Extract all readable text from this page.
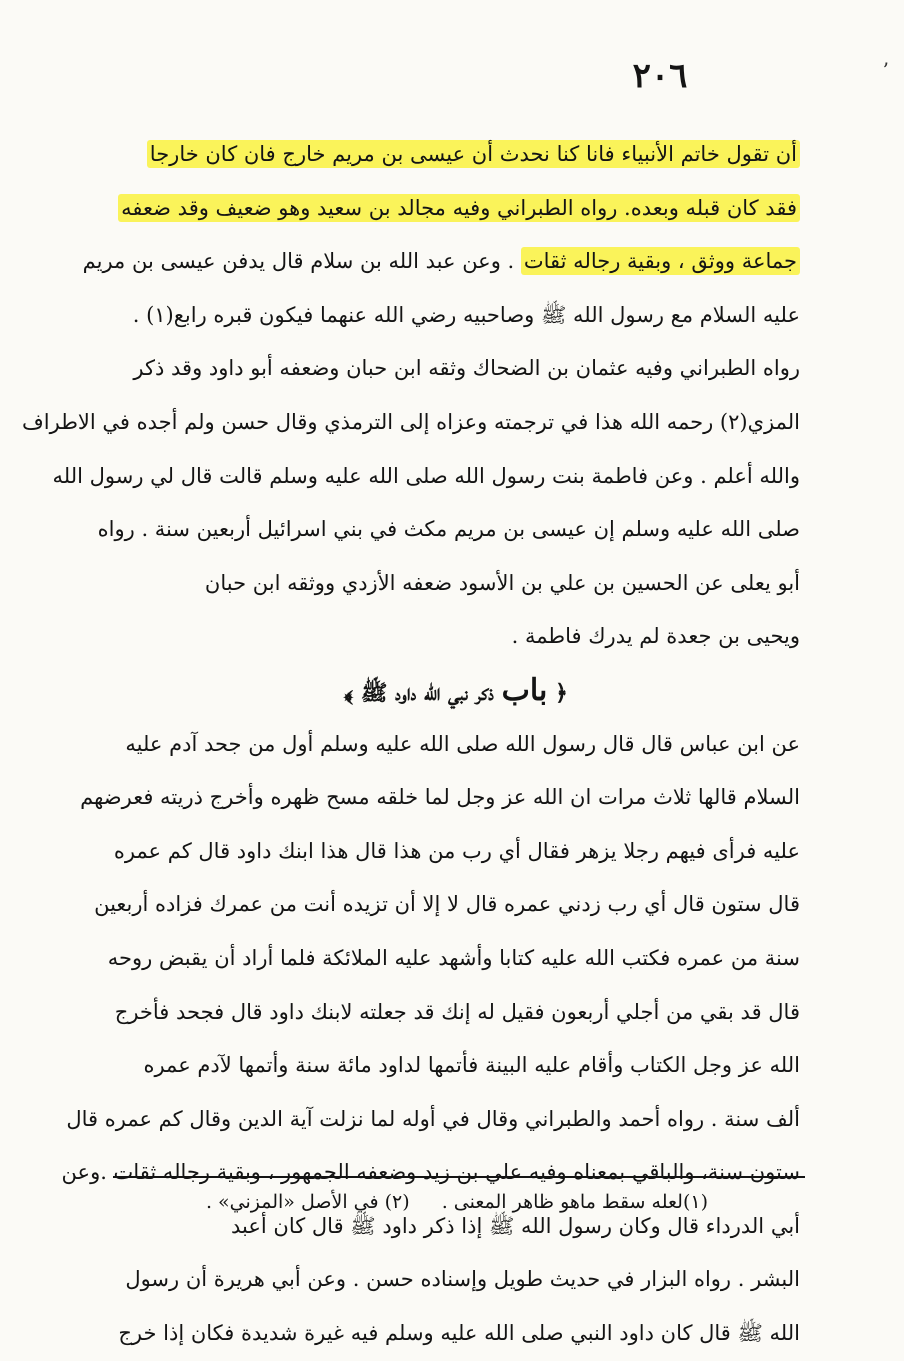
٢٠٦	ʼ
أن تقول خاتم الأنبياء فانا كنا نحدث أن عيسى بن مريم خارج فان كان خارجا
فقد كان قبله وبعده. رواه الطبراني وفيه مجالد بن سعيد وهو ضعيف وقد ضعفه
جماعة ووثق ، وبقية رجاله ثقات . وعن عبد الله بن سلام قال يدفن عيسى بن مريم
عليه السلام مع رسول الله ﷺ وصاحبيه رضي الله عنهما فيكون قبره رابع(١) .
رواه الطبراني وفيه عثمان بن الضحاك وثقه ابن حبان وضعفه أبو داود وقد ذكر
المزي(٢) رحمه الله هذا في ترجمته وعزاه إلى الترمذي وقال حسن ولم أجده في الاطراف
والله أعلم . وعن فاطمة بنت رسول الله صلى الله عليه وسلم قالت قال لي رسول الله
صلى الله عليه وسلم إن عيسى بن مريم مكث في بني اسرائيل أربعين سنة . رواه
أبو يعلى عن الحسين بن علي بن الأسود ضعفه الأزدي ووثقه ابن حبان
ويحيى بن جعدة لم يدرك فاطمة .
﴿ باب ذكر نبي الله داود ﷺ ﴾
عن ابن عباس قال قال رسول الله صلى الله عليه وسلم أول من جحد آدم عليه
السلام قالها ثلاث مرات ان الله عز وجل لما خلقه مسح ظهره وأخرج ذريته فعرضهم
عليه فرأى فيهم رجلا يزهر فقال أي رب من هذا قال هذا ابنك داود قال كم عمره
قال ستون قال أي رب زدني عمره قال لا إلا أن تزيده أنت من عمرك فزاده أربعين
سنة من عمره فكتب الله عليه كتابا وأشهد عليه الملائكة فلما أراد أن يقبض روحه
قال قد بقي من أجلي أربعون فقيل له إنك قد جعلته لابنك داود قال فجحد فأخرج
الله عز وجل الكتاب وأقام عليه البينة فأتمها لداود مائة سنة وأتمها لآدم عمره
ألف سنة . رواه أحمد والطبراني وقال في أوله لما نزلت آية الدين وقال كم عمره قال
ستون سنة، والباقي بمعناه وفيه علي بن زيد وضعفه الجمهور ، وبقية رجاله ثقات .وعن
أبي الدرداء قال وكان رسول الله ﷺ إذا ذكر داود ﷺ قال كان أعبد
البشر . رواه البزار في حديث طويل وإسناده حسن . وعن أبي هريرة أن رسول
الله ﷺ قال كان داود النبي صلى الله عليه وسلم فيه غيرة شديدة فكان إذا خرج
(١)لعله سقط ماهو ظاهر المعنى . (٢) في الأصل «المزني» .
